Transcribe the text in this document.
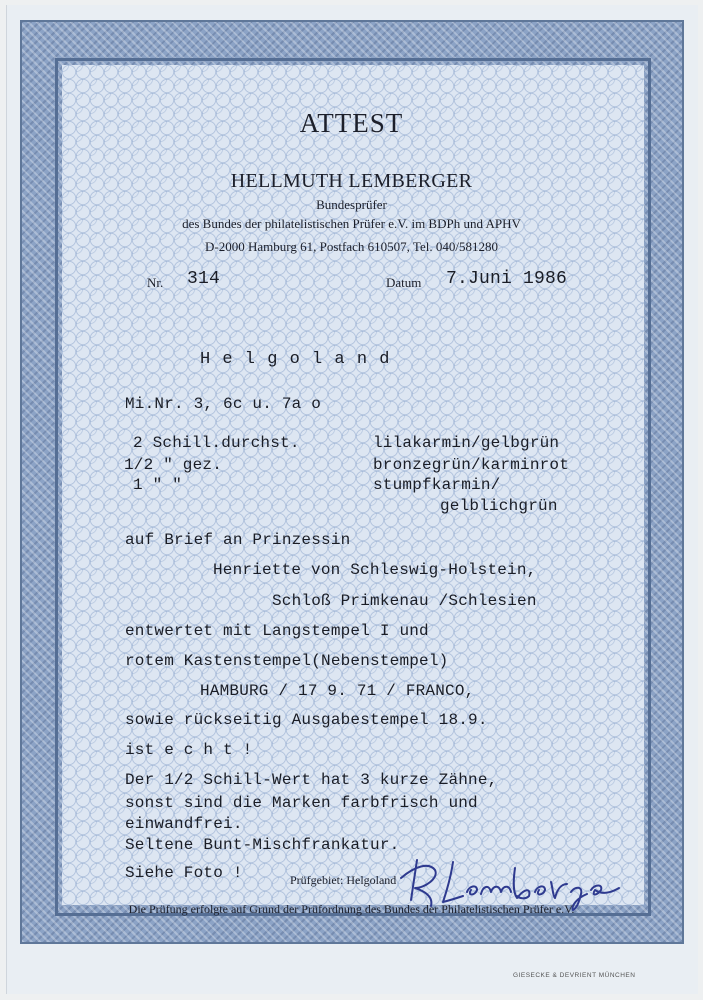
ATTEST
HELLMUTH LEMBERGER
Bundesprüfer
des Bundes der philatelistischen Prüfer e.V. im BDPh und APHV
D-2000 Hamburg 61, Postfach 610507, Tel. 040/581280
Nr. 314	Datum 7.Juni 1986
H e l g o l a n d
Mi.Nr. 3, 6c u. 7a o
2 Schill.durchst.	lilakarmin/gelbgrün
1/2 " gez.	bronzegrün/karminrot
1 " "	stumpfkarmin/
gelblichgrün
auf Brief an Prinzessin
Henriette von Schleswig-Holstein,
Schloß Primkenau /Schlesien
entwertet mit Langstempel I und
rotem Kastenstempel(Nebenstempel)
HAMBURG / 17 9. 71 / FRANCO,
sowie rückseitig Ausgabestempel 18.9.
ist e c h t !
Der 1/2 Schill-Wert hat 3 kurze Zähne,
sonst sind die Marken farbfrisch und
einwandfrei.
Seltene Bunt-Mischfrankatur.
Siehe Foto !	Prüfgebiet: Helgoland
Die Prüfung erfolgte auf Grund der Prüfordnung des Bundes der Philatelistischen Prüfer e.V.
GIESECKE & DEVRIENT MÜNCHEN
